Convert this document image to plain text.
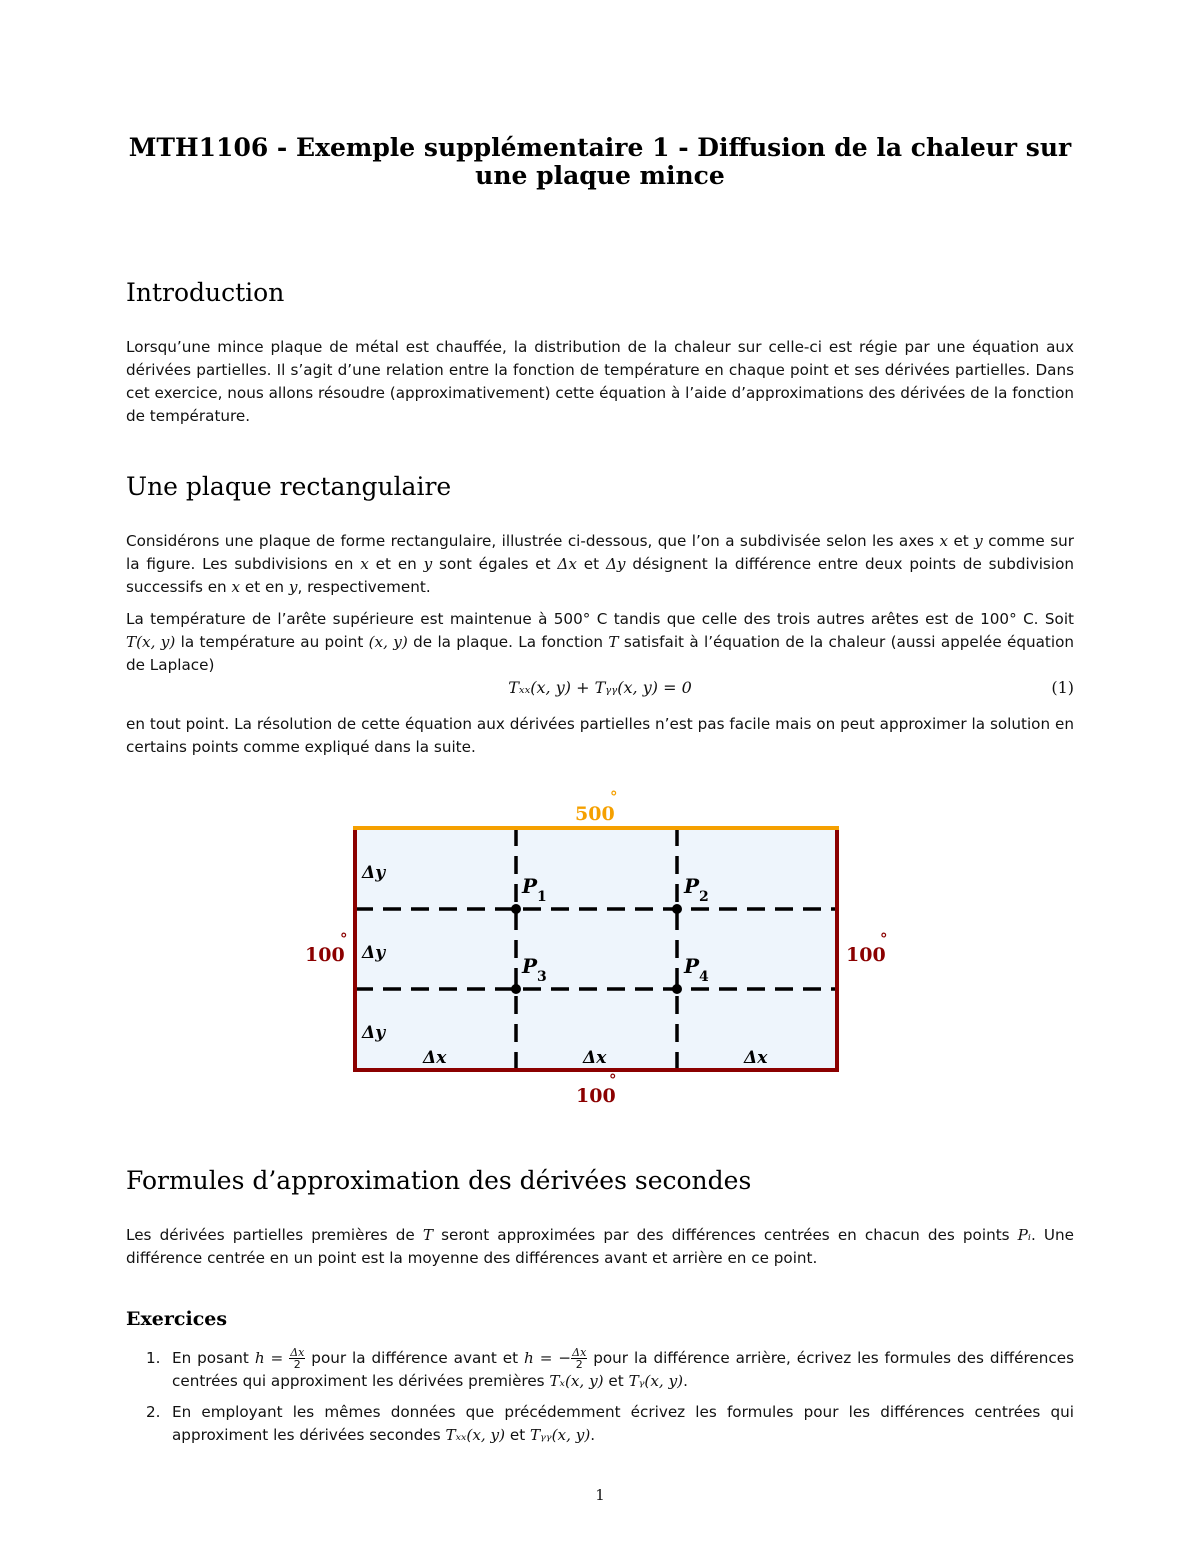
MTH1106 - Exemple supplémentaire 1 - Diffusion de la chaleur sur
une plaque mince
Introduction

Lorsqu’une mince plaque de métal est chauffée, la distribution de la chaleur sur celle-ci est régie par une équation aux dérivées partielles. Il s’agit d’une relation entre la fonction de température en chaque point et ses dérivées partielles. Dans cet exercice, nous allons résoudre (approximativement) cette équation à l’aide d’approximations des dérivées de la fonction de température.

Une plaque rectangulaire

Considérons une plaque de forme rectangulaire, illustrée ci-dessous, que l’on a subdivisée selon les axes x et y comme sur la figure. Les subdivisions en x et en y sont égales et Δx et Δy désignent la différence entre deux points de subdivision successifs en x et en y, respectivement.

La température de l’arête supérieure est maintenue à 500° C tandis que celle des trois autres arêtes est de 100° C. Soit T(x, y) la température au point (x, y) de la plaque. La fonction T satisfait à l’équation de la chaleur (aussi appelée équation de Laplace)

Tₓₓ(x, y) + Tᵧᵧ(x, y) = 0	(1)

en tout point. La résolution de cette équation aux dérivées partielles n’est pas facile mais on peut approximer la solution en certains points comme expliqué dans la suite.

500
°
100
°
100
°
100
°
Δy
Δy
Δy
Δx	Δx	Δx
P 1	P 2
P 3	P 4
Formules d’approximation des dérivées secondes

Les dérivées partielles premières de T seront approximées par des différences centrées en chacun des points Pᵢ. Une différence centrée en un point est la moyenne des différences avant et arrière en ce point.

Exercices
1. En posant $h = \frac{\Delta x}{2}$ pour la différence avant et h = − $\frac{\Delta x}{2}$ pour la différence arrière, écrivez les formules des différences centrées qui approximent les dérivées premières Tₓ(x, y) et Tᵧ(x, y).
2. En employant les mêmes données que précédemment écrivez les formules pour les différences centrées qui approximent les dérivées secondes Tₓₓ(x, y) et Tᵧᵧ(x, y).
1
